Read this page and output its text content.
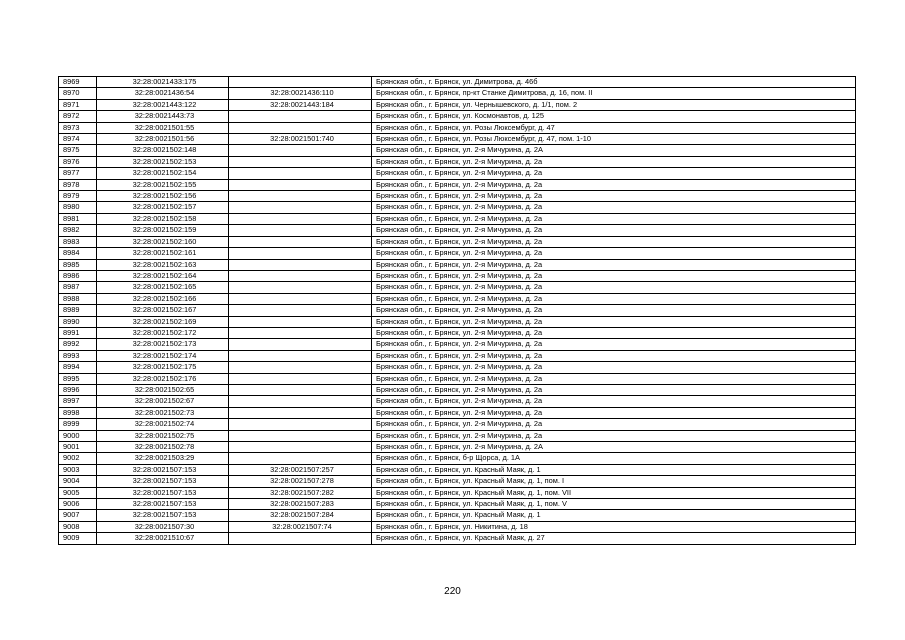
8969	32:28:0021433:175		Брянская обл., г. Брянск, ул. Димитрова, д. 46б
8970	32:28:0021436:54	32:28:0021436:110	Брянская обл., г. Брянск, пр-кт Станке Димитрова, д. 16, пом. II
8971	32:28:0021443:122	32:28:0021443:184	Брянская обл., г. Брянск, ул. Чернышевского, д. 1/1, пом. 2
8972	32:28:0021443:73		Брянская обл., г. Брянск, ул. Космонавтов, д. 125
8973	32:28:0021501:55		Брянская обл., г. Брянск, ул. Розы Люксембург, д. 47
8974	32:28:0021501:56	32:28:0021501:740	Брянская обл., г. Брянск, ул. Розы Люксембург, д. 47, пом. 1-10
8975	32:28:0021502:148		Брянская обл., г. Брянск, ул. 2-я Мичурина, д. 2А
8976	32:28:0021502:153		Брянская обл., г. Брянск, ул. 2-я Мичурина, д. 2а
8977	32:28:0021502:154		Брянская обл., г. Брянск, ул. 2-я Мичурина, д. 2а
8978	32:28:0021502:155		Брянская обл., г. Брянск, ул. 2-я Мичурина, д. 2а
8979	32:28:0021502:156		Брянская обл., г. Брянск, ул. 2-я Мичурина, д. 2а
8980	32:28:0021502:157		Брянская обл., г. Брянск, ул. 2-я Мичурина, д. 2а
8981	32:28:0021502:158		Брянская обл., г. Брянск, ул. 2-я Мичурина, д. 2а
8982	32:28:0021502:159		Брянская обл., г. Брянск, ул. 2-я Мичурина, д. 2а
8983	32:28:0021502:160		Брянская обл., г. Брянск, ул. 2-я Мичурина, д. 2а
8984	32:28:0021502:161		Брянская обл., г. Брянск, ул. 2-я Мичурина, д. 2а
8985	32:28:0021502:163		Брянская обл., г. Брянск, ул. 2-я Мичурина, д. 2а
8986	32:28:0021502:164		Брянская обл., г. Брянск, ул. 2-я Мичурина, д. 2а
8987	32:28:0021502:165		Брянская обл., г. Брянск, ул. 2-я Мичурина, д. 2а
8988	32:28:0021502:166		Брянская обл., г. Брянск, ул. 2-я Мичурина, д. 2а
8989	32:28:0021502:167		Брянская обл., г. Брянск, ул. 2-я Мичурина, д. 2а
8990	32:28:0021502:169		Брянская обл., г. Брянск, ул. 2-я Мичурина, д. 2а
8991	32:28:0021502:172		Брянская обл., г. Брянск, ул. 2-я Мичурина, д. 2а
8992	32:28:0021502:173		Брянская обл., г. Брянск, ул. 2-я Мичурина, д. 2а
8993	32:28:0021502:174		Брянская обл., г. Брянск, ул. 2-я Мичурина, д. 2а
8994	32:28:0021502:175		Брянская обл., г. Брянск, ул. 2-я Мичурина, д. 2а
8995	32:28:0021502:176		Брянская обл., г. Брянск, ул. 2-я Мичурина, д. 2а
8996	32:28:0021502:65		Брянская обл., г. Брянск, ул. 2-я Мичурина, д. 2а
8997	32:28:0021502:67		Брянская обл., г. Брянск, ул. 2-я Мичурина, д. 2а
8998	32:28:0021502:73		Брянская обл., г. Брянск, ул. 2-я Мичурина, д. 2а
8999	32:28:0021502:74		Брянская обл., г. Брянск, ул. 2-я Мичурина, д. 2а
9000	32:28:0021502:75		Брянская обл., г. Брянск, ул. 2-я Мичурина, д. 2а
9001	32:28:0021502:78		Брянская обл., г. Брянск, ул. 2-я Мичурина, д. 2А
9002	32:28:0021503:29		Брянская обл., г. Брянск, б-р Щорса, д. 1А
9003	32:28:0021507:153	32:28:0021507:257	Брянская обл., г. Брянск, ул. Красный Маяк, д. 1
9004	32:28:0021507:153	32:28:0021507:278	Брянская обл., г. Брянск, ул. Красный Маяк, д. 1, пом. I
9005	32:28:0021507:153	32:28:0021507:282	Брянская обл., г. Брянск, ул. Красный Маяк, д. 1, пом. VII
9006	32:28:0021507:153	32:28:0021507:283	Брянская обл., г. Брянск, ул. Красный Маяк, д. 1, пом. V
9007	32:28:0021507:153	32:28:0021507:284	Брянская обл., г. Брянск, ул. Красный Маяк, д. 1
9008	32:28:0021507:30	32:28:0021507:74	Брянская обл., г. Брянск, ул. Никитина, д. 18
9009	32:28:0021510:67		Брянская обл., г. Брянск, ул. Красный Маяк, д. 27
220
